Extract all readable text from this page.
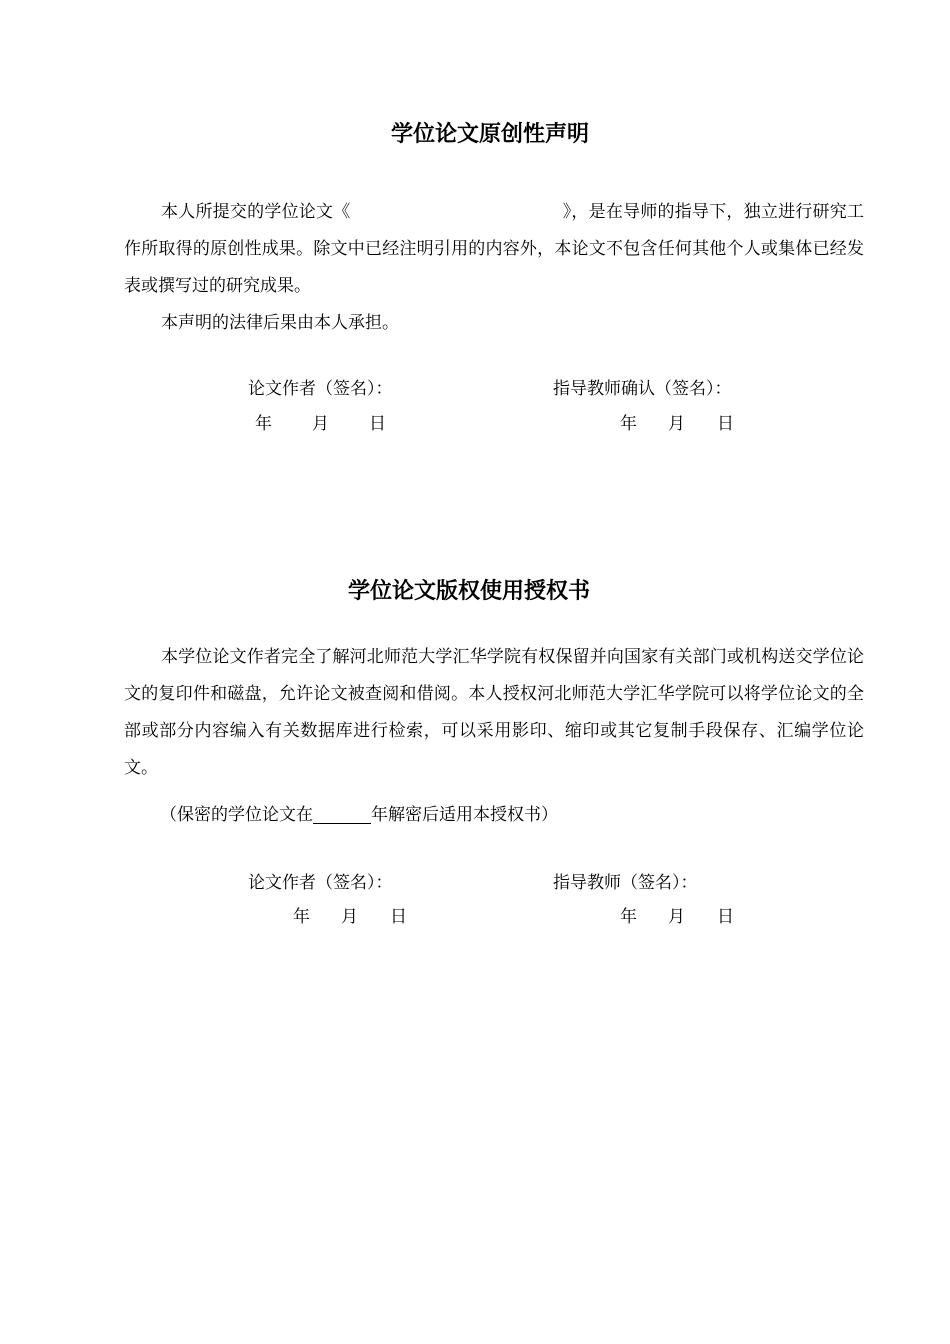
学位论文原创性声明

本人所提交的学位论文《	》，是在导师的指导下，独立进行研究工作所取得的原创性成果。除文中已经注明引用的内容外，本论文不包含任何其他个人或集体已经发表或撰写过的研究成果。

本声明的法律后果由本人承担。

论文作者（签名）：	指导教师确认（签名）：

年 月 日	年 月 日
学位论文版权使用授权书

本学位论文作者完全了解河北师范大学汇华学院有权保留并向国家有关部门或机构送交学位论文的复印件和磁盘，允许论文被查阅和借阅。本人授权河北师范大学汇华学院可以将学位论文的全部或部分内容编入有关数据库进行检索，可以采用影印、缩印或其它复制手段保存、汇编学位论文。

（保密的学位论文在	年解密后适用本授权书）

论文作者（签名）：	指导教师（签名）：

年 月 日	年 月 日
